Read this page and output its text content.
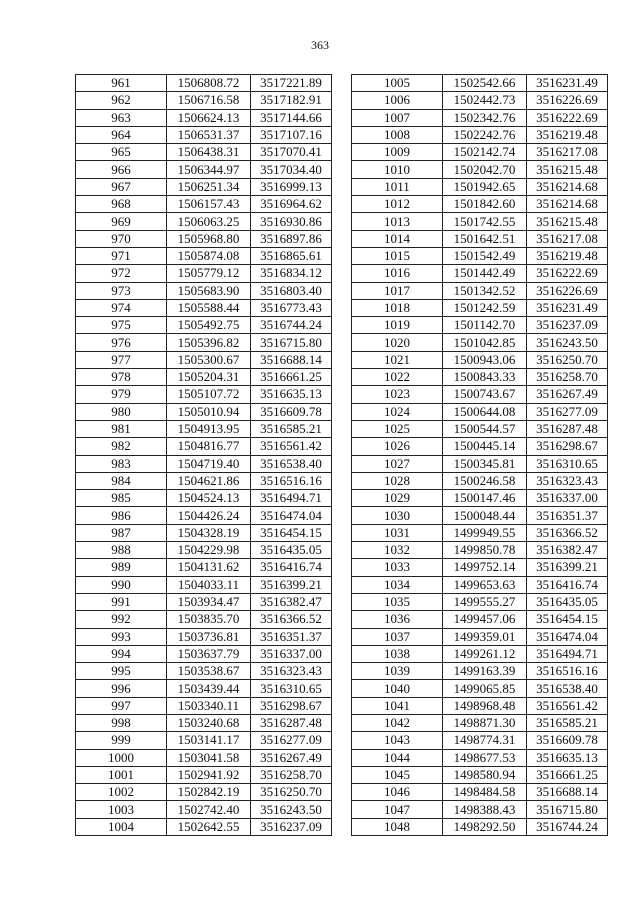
363
961	1506808.72	3517221.89
962	1506716.58	3517182.91
963	1506624.13	3517144.66
964	1506531.37	3517107.16
965	1506438.31	3517070.41
966	1506344.97	3517034.40
967	1506251.34	3516999.13
968	1506157.43	3516964.62
969	1506063.25	3516930.86
970	1505968.80	3516897.86
971	1505874.08	3516865.61
972	1505779.12	3516834.12
973	1505683.90	3516803.40
974	1505588.44	3516773.43
975	1505492.75	3516744.24
976	1505396.82	3516715.80
977	1505300.67	3516688.14
978	1505204.31	3516661.25
979	1505107.72	3516635.13
980	1505010.94	3516609.78
981	1504913.95	3516585.21
982	1504816.77	3516561.42
983	1504719.40	3516538.40
984	1504621.86	3516516.16
985	1504524.13	3516494.71
986	1504426.24	3516474.04
987	1504328.19	3516454.15
988	1504229.98	3516435.05
989	1504131.62	3516416.74
990	1504033.11	3516399.21
991	1503934.47	3516382.47
992	1503835.70	3516366.52
993	1503736.81	3516351.37
994	1503637.79	3516337.00
995	1503538.67	3516323.43
996	1503439.44	3516310.65
997	1503340.11	3516298.67
998	1503240.68	3516287.48
999	1503141.17	3516277.09
1000	1503041.58	3516267.49
1001	1502941.92	3516258.70
1002	1502842.19	3516250.70
1003	1502742.40	3516243.50
1004	1502642.55	3516237.09
1005	1502542.66	3516231.49
1006	1502442.73	3516226.69
1007	1502342.76	3516222.69
1008	1502242.76	3516219.48
1009	1502142.74	3516217.08
1010	1502042.70	3516215.48
1011	1501942.65	3516214.68
1012	1501842.60	3516214.68
1013	1501742.55	3516215.48
1014	1501642.51	3516217.08
1015	1501542.49	3516219.48
1016	1501442.49	3516222.69
1017	1501342.52	3516226.69
1018	1501242.59	3516231.49
1019	1501142.70	3516237.09
1020	1501042.85	3516243.50
1021	1500943.06	3516250.70
1022	1500843.33	3516258.70
1023	1500743.67	3516267.49
1024	1500644.08	3516277.09
1025	1500544.57	3516287.48
1026	1500445.14	3516298.67
1027	1500345.81	3516310.65
1028	1500246.58	3516323.43
1029	1500147.46	3516337.00
1030	1500048.44	3516351.37
1031	1499949.55	3516366.52
1032	1499850.78	3516382.47
1033	1499752.14	3516399.21
1034	1499653.63	3516416.74
1035	1499555.27	3516435.05
1036	1499457.06	3516454.15
1037	1499359.01	3516474.04
1038	1499261.12	3516494.71
1039	1499163.39	3516516.16
1040	1499065.85	3516538.40
1041	1498968.48	3516561.42
1042	1498871.30	3516585.21
1043	1498774.31	3516609.78
1044	1498677.53	3516635.13
1045	1498580.94	3516661.25
1046	1498484.58	3516688.14
1047	1498388.43	3516715.80
1048	1498292.50	3516744.24
